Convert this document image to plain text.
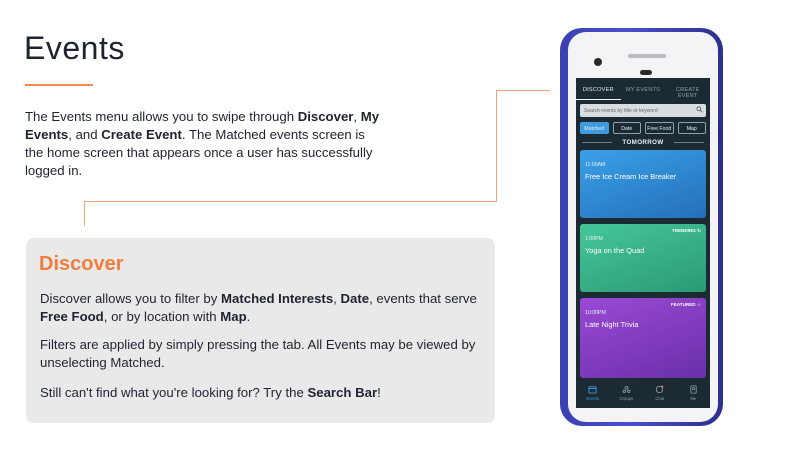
Events

The Events menu allows you to swipe through Discover, My Events, and Create Event. The Matched events screen is the home screen that appears once a user has successfully logged in.

Discover

Discover allows you to filter by Matched Interests, Date, events that serve Free Food, or by location with Map.

Filters are applied by simply pressing the tab. All Events may be viewed by unselecting Matched.

Still can't find what you're looking for? Try the Search Bar!

DISCOVER	MY EVENTS	CREATE EVENT
Search events by title or keyword
Matched	Date	Free Food	Map
TOMORROW
11:00AM
Free Ice Cream Ice Breaker
TRENDING ↻
1:00PM
Yoga on the Quad
FEATURED ☆
10:00PM
Late Night Trivia
Events	Groups	Chat	Me
